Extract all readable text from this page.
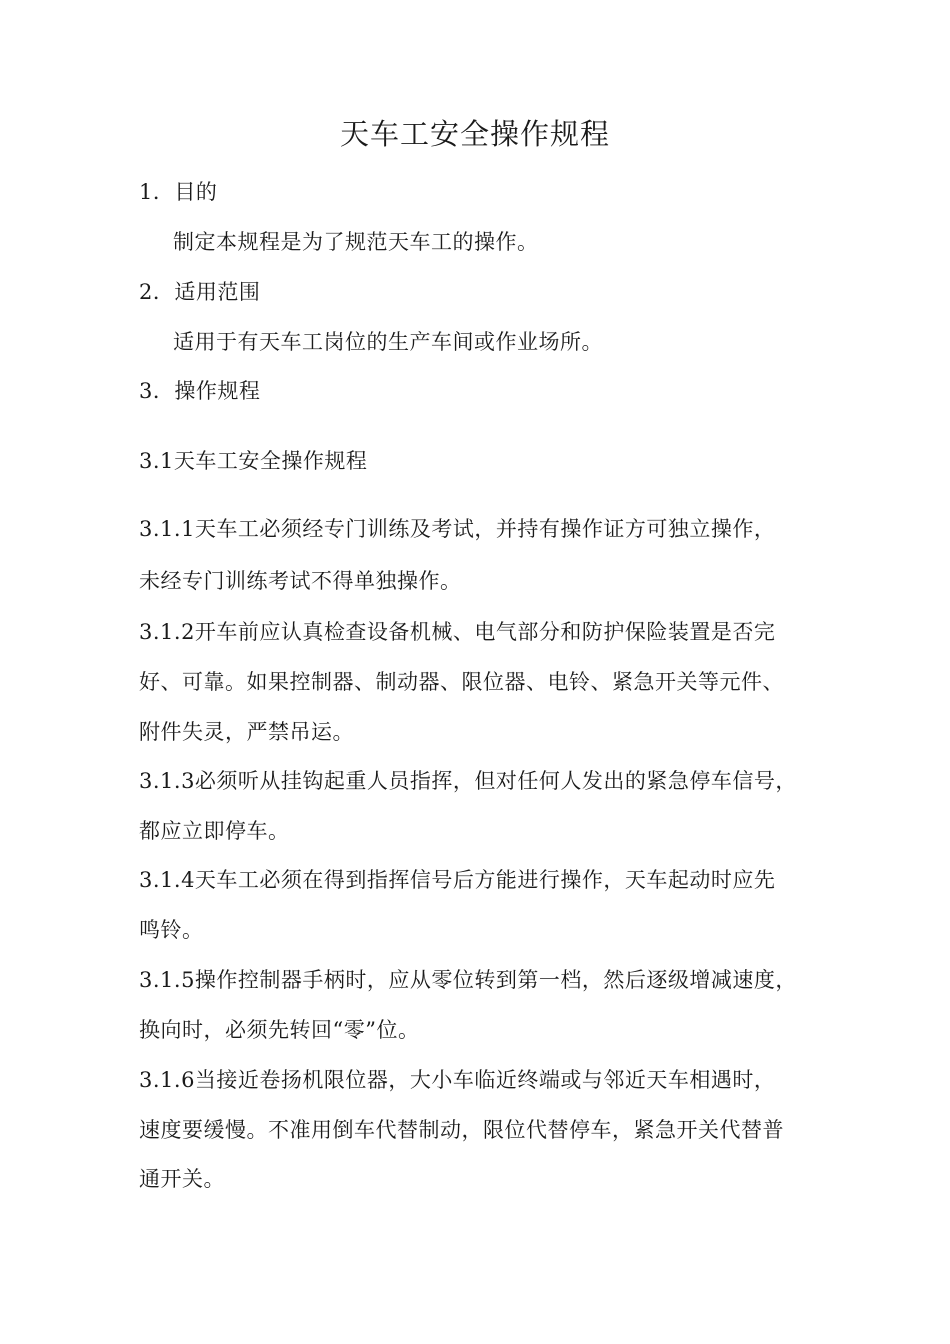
天车工安全操作规程
1．目的
制定本规程是为了规范天车工的操作。
2．适用范围
适用于有天车工岗位的生产车间或作业场所。
3．操作规程
3.1天车工安全操作规程
3.1.1天车工必须经专门训练及考试，并持有操作证方可独立操作，
未经专门训练考试不得单独操作。
3.1.2开车前应认真检查设备机械、电气部分和防护保险装置是否完
好、可靠。如果控制器、制动器、限位器、电铃、紧急开关等元件、
附件失灵，严禁吊运。
3.1.3必须听从挂钩起重人员指挥，但对任何人发出的紧急停车信号，
都应立即停车。
3.1.4天车工必须在得到指挥信号后方能进行操作，天车起动时应先
鸣铃。
3.1.5操作控制器手柄时，应从零位转到第一档，然后逐级增减速度，
换向时，必须先转回“零”位。
3.1.6当接近卷扬机限位器，大小车临近终端或与邻近天车相遇时，
速度要缓慢。不准用倒车代替制动，限位代替停车，紧急开关代替普
通开关。
